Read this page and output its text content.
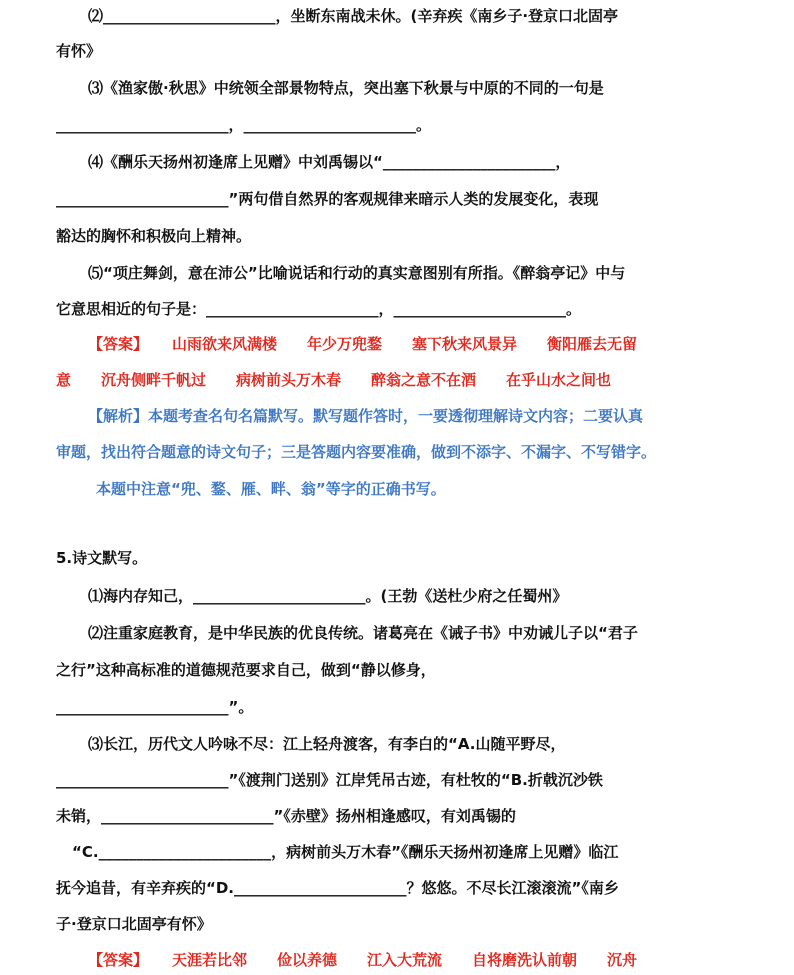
⑵_______________________，坐断东南战未休。(辛弃疾《南乡子·登京口北固亭
有怀》
⑶《渔家傲·秋思》中统领全部景物特点，突出塞下秋景与中原的不同的一句是
_______________________，_______________________。
⑷《酬乐天扬州初逢席上见赠》中刘禹锡以“_______________________，
_______________________”两句借自然界的客观规律来暗示人类的发展变化，表现
豁达的胸怀和积极向上精神。
⑸“项庄舞剑，意在沛公”比喻说话和行动的真实意图别有所指。《醉翁亭记》中与
它意思相近的句子是：_______________________，_______________________。
【答案】 山雨欲来风满楼　　年少万兜鍪　　塞下秋来风景异　　衡阳雁去无留
意　　沉舟侧畔千帆过　　病树前头万木春　　醉翁之意不在酒　　在乎山水之间也
【解析】本题考查名句名篇默写。默写题作答时，一要透彻理解诗文内容；二要认真
审题，找出符合题意的诗文句子；三是答题内容要准确，做到不添字、不漏字、不写错字。
本题中注意“兜、鍪、雁、畔、翁”等字的正确书写。
5.诗文默写。
⑴海内存知己，_______________________。(王勃《送杜少府之任蜀州》
⑵注重家庭教育，是中华民族的优良传统。诸葛亮在《诫子书》中劝诫儿子以“君子
之行”这种高标准的道德规范要求自己，做到“静以修身，
_______________________”。
⑶长江，历代文人吟咏不尽：江上轻舟渡客，有李白的“A.山随平野尽，
_______________________”《渡荆门送别》江岸凭吊古迹，有杜牧的“B.折戟沉沙铁
未销，_______________________”《赤壁》扬州相逢感叹，有刘禹锡的
“C._______________________，病树前头万木春”《酬乐天扬州初逢席上见赠》临江
抚今追昔，有辛弃疾的“D._______________________？悠悠。不尽长江滚滚流”《南乡
子·登京口北固亭有怀》
【答案】 天涯若比邻　　俭以养德　　江入大荒流　　自将磨洗认前朝　　沉舟
